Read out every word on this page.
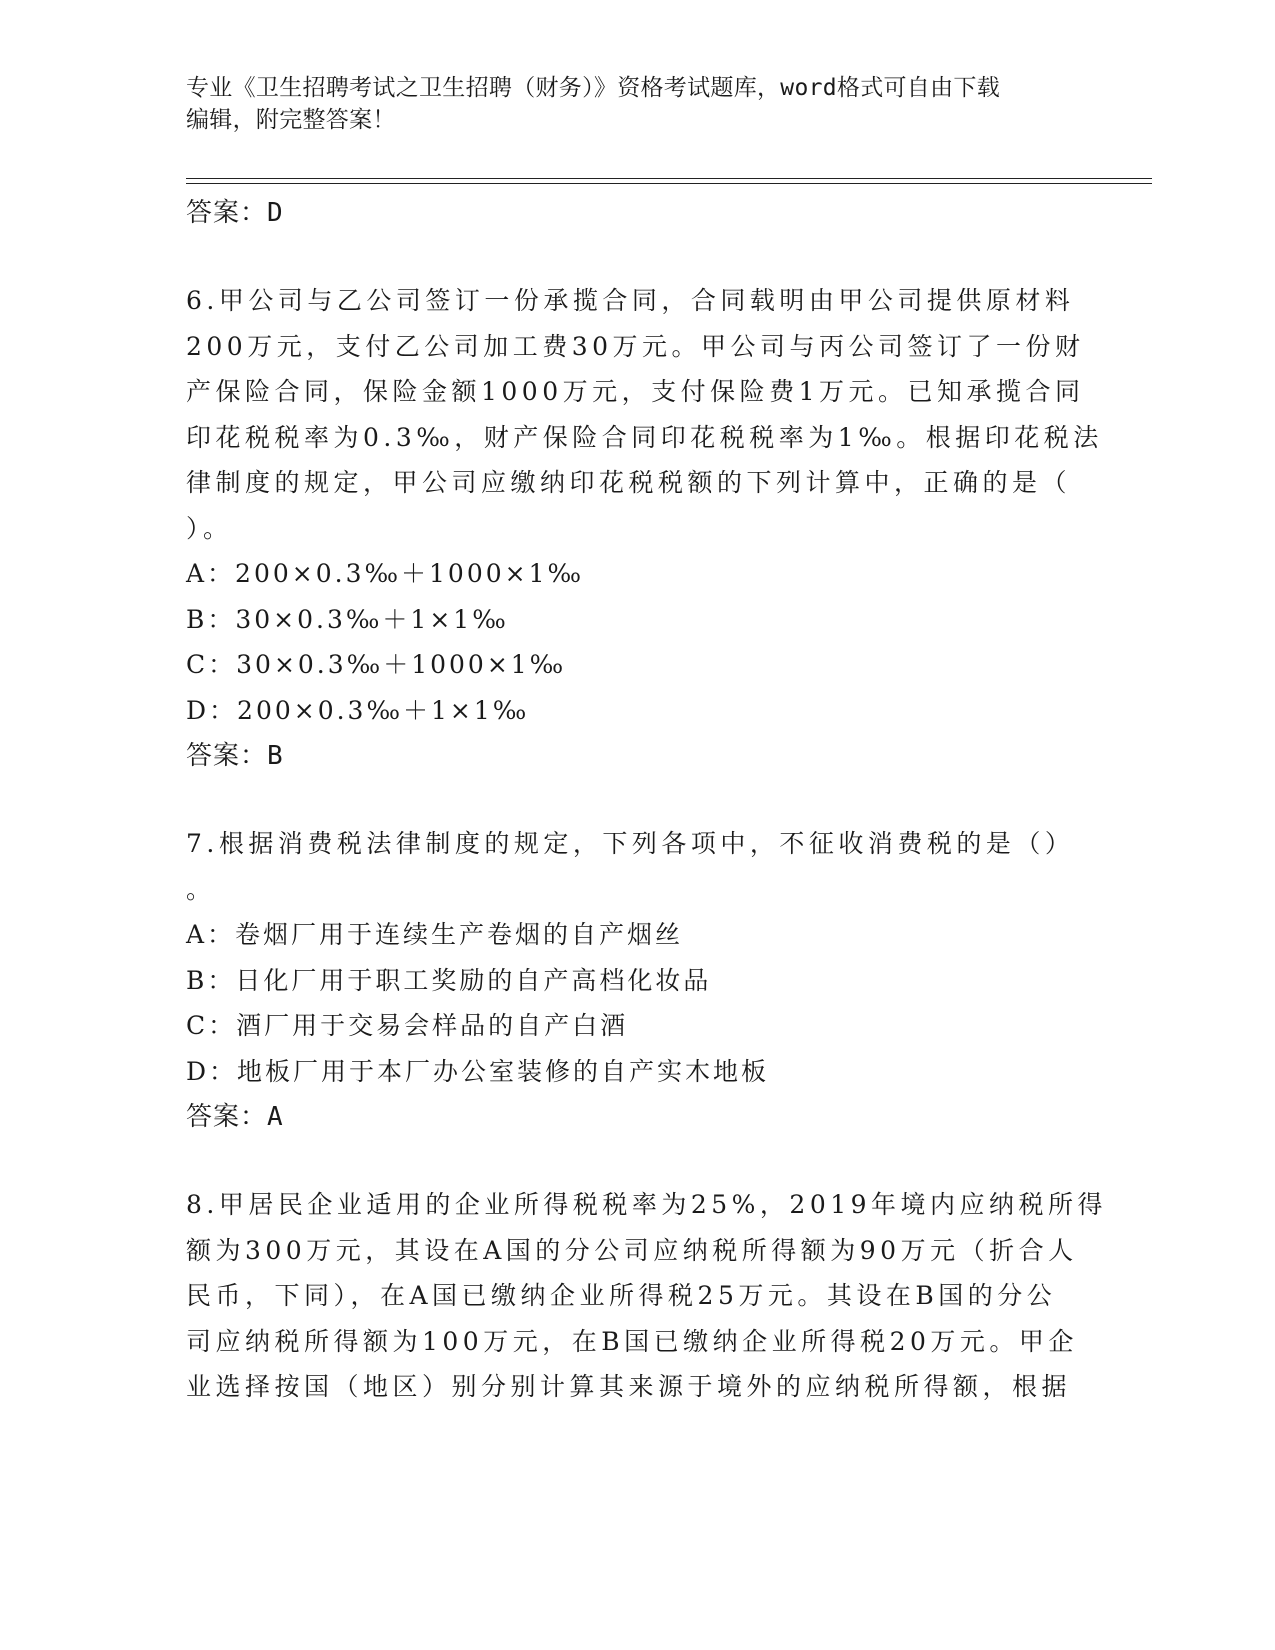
专业《卫生招聘考试之卫生招聘（财务）》资格考试题库，word格式可自由下载
编辑，附完整答案！
答案：D
6.甲公司与乙公司签订一份承揽合同，合同载明由甲公司提供原材料
200万元，支付乙公司加工费30万元。甲公司与丙公司签订了一份财
产保险合同，保险金额1000万元，支付保险费1万元。已知承揽合同
印花税税率为0.3‰，财产保险合同印花税税率为1‰。根据印花税法
律制度的规定，甲公司应缴纳印花税税额的下列计算中，正确的是（
）。
A：200×0.3‰＋1000×1‰
B：30×0.3‰＋1×1‰
C：30×0.3‰＋1000×1‰
D：200×0.3‰＋1×1‰
答案：B
7.根据消费税法律制度的规定，下列各项中，不征收消费税的是（）
。
A：卷烟厂用于连续生产卷烟的自产烟丝
B：日化厂用于职工奖励的自产高档化妆品
C：酒厂用于交易会样品的自产白酒
D：地板厂用于本厂办公室装修的自产实木地板
答案：A
8.甲居民企业适用的企业所得税税率为25%，2019年境内应纳税所得
额为300万元，其设在A国的分公司应纳税所得额为90万元（折合人
民币，下同），在A国已缴纳企业所得税25万元。其设在B国的分公
司应纳税所得额为100万元，在B国已缴纳企业所得税20万元。甲企
业选择按国（地区）别分别计算其来源于境外的应纳税所得额，根据
